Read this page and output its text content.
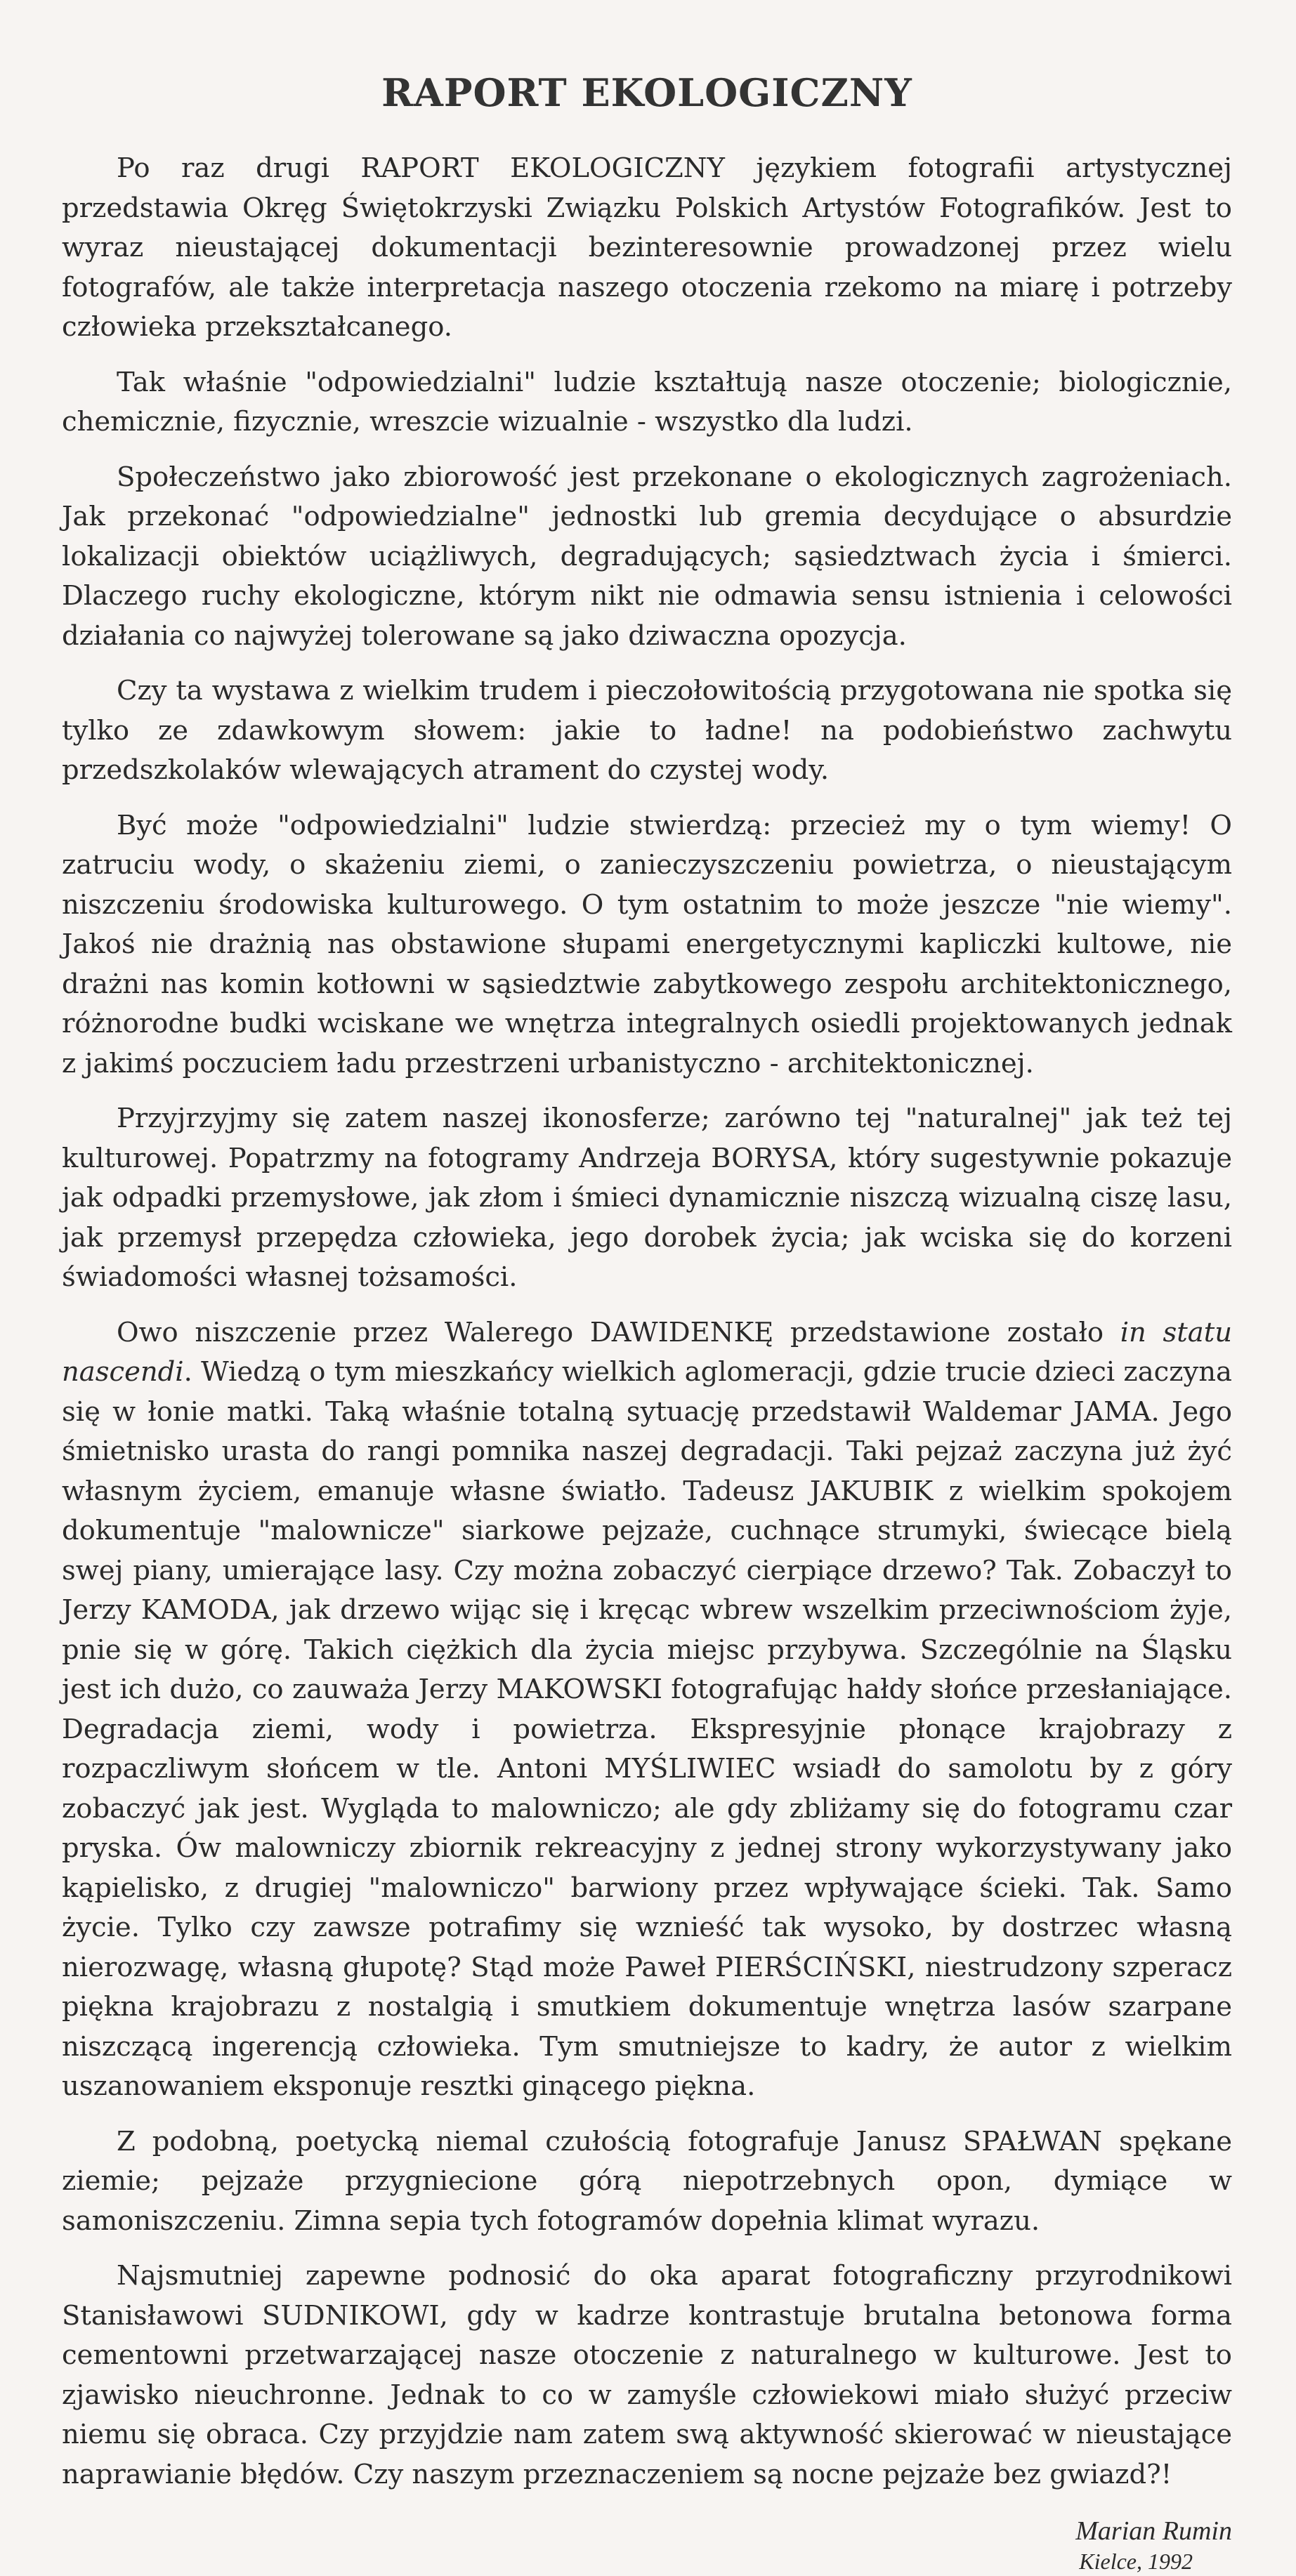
RAPORT EKOLOGICZNY

Po raz drugi RAPORT EKOLOGICZNY językiem fotografii artystycznej przedstawia Okręg Świętokrzyski Związku Polskich Artystów Fotografików. Jest to wyraz nieustającej dokumentacji bezinteresownie prowadzonej przez wielu fotografów, ale także interpretacja naszego otoczenia rzekomo na miarę i potrzeby człowieka przekształcanego.

Tak właśnie "odpowiedzialni" ludzie kształtują nasze otoczenie; biologicznie, chemicznie, fizycznie, wreszcie wizualnie - wszystko dla ludzi.

Społeczeństwo jako zbiorowość jest przekonane o ekologicznych zagrożeniach. Jak przekonać "odpowiedzialne" jednostki lub gremia decydujące o absurdzie lokalizacji obiektów uciążliwych, degradujących; sąsiedztwach życia i śmierci. Dlaczego ruchy ekologiczne, którym nikt nie odmawia sensu istnienia i celowości działania co najwyżej tolerowane są jako dziwaczna opozycja.

Czy ta wystawa z wielkim trudem i pieczołowitością przygotowana nie spotka się tylko ze zdawkowym słowem: jakie to ładne! na podobieństwo zachwytu przedszkolaków wlewających atrament do czystej wody.

Być może "odpowiedzialni" ludzie stwierdzą: przecież my o tym wiemy! O zatruciu wody, o skażeniu ziemi, o zanieczyszczeniu powietrza, o nieustającym niszczeniu środowiska kulturowego. O tym ostatnim to może jeszcze "nie wiemy". Jakoś nie drażnią nas obstawione słupami energetycznymi kapliczki kultowe, nie drażni nas komin kotłowni w sąsiedztwie zabytkowego zespołu architektonicznego, różnorodne budki wciskane we wnętrza integralnych osiedli projektowanych jednak z jakimś poczuciem ładu przestrzeni urbanistyczno - architektonicznej.

Przyjrzyjmy się zatem naszej ikonosferze; zarówno tej "naturalnej" jak też tej kulturowej. Popatrzmy na fotogramy Andrzeja BORYSA, który sugestywnie pokazuje jak odpadki przemysłowe, jak złom i śmieci dynamicznie niszczą wizualną ciszę lasu, jak przemysł przepędza człowieka, jego dorobek życia; jak wciska się do korzeni świadomości własnej tożsamości.

Owo niszczenie przez Walerego DAWIDENKĘ przedstawione zostało in statu nascendi. Wiedzą o tym mieszkańcy wielkich aglomeracji, gdzie trucie dzieci zaczyna się w łonie matki. Taką właśnie totalną sytuację przedstawił Waldemar JAMA. Jego śmietnisko urasta do rangi pomnika naszej degradacji. Taki pejzaż zaczyna już żyć własnym życiem, emanuje własne światło. Tadeusz JAKUBIK z wielkim spokojem dokumentuje "malownicze" siarkowe pejzaże, cuchnące strumyki, świecące bielą swej piany, umierające lasy. Czy można zobaczyć cierpiące drzewo? Tak. Zobaczył to Jerzy KAMODA, jak drzewo wijąc się i kręcąc wbrew wszelkim przeciwnościom żyje, pnie się w górę. Takich ciężkich dla życia miejsc przybywa. Szczególnie na Śląsku jest ich dużo, co zauważa Jerzy MAKOWSKI fotografując hałdy słońce przesłaniające. Degradacja ziemi, wody i powietrza. Ekspresyjnie płonące krajobrazy z rozpaczliwym słońcem w tle. Antoni MYŚLIWIEC wsiadł do samolotu by z góry zobaczyć jak jest. Wygląda to malowniczo; ale gdy zbliżamy się do fotogramu czar pryska. Ów malowniczy zbiornik rekreacyjny z jednej strony wykorzystywany jako kąpielisko, z drugiej "malowniczo" barwiony przez wpływające ścieki. Tak. Samo życie. Tylko czy zawsze potrafimy się wznieść tak wysoko, by dostrzec własną nierozwagę, własną głupotę? Stąd może Paweł PIERŚCIŃSKI, niestrudzony szperacz piękna krajobrazu z nostalgią i smutkiem dokumentuje wnętrza lasów szarpane niszczącą ingerencją człowieka. Tym smutniejsze to kadry, że autor z wielkim uszanowaniem eksponuje resztki ginącego piękna.

Z podobną, poetycką niemal czułością fotografuje Janusz SPAŁWAN spękane ziemie; pejzaże przygniecione górą niepotrzebnych opon, dymiące w samoniszczeniu. Zimna sepia tych fotogramów dopełnia klimat wyrazu.

Najsmutniej zapewne podnosić do oka aparat fotograficzny przyrodnikowi Stanisławowi SUDNIKOWI, gdy w kadrze kontrastuje brutalna betonowa forma cementowni przetwarzającej nasze otoczenie z naturalnego w kulturowe. Jest to zjawisko nieuchronne. Jednak to co w zamyśle człowiekowi miało służyć przeciw niemu się obraca. Czy przyjdzie nam zatem swą aktywność skierować w nieustające naprawianie błędów. Czy naszym przeznaczeniem są nocne pejzaże bez gwiazd?!

Marian Rumin
Kielce, 1992
